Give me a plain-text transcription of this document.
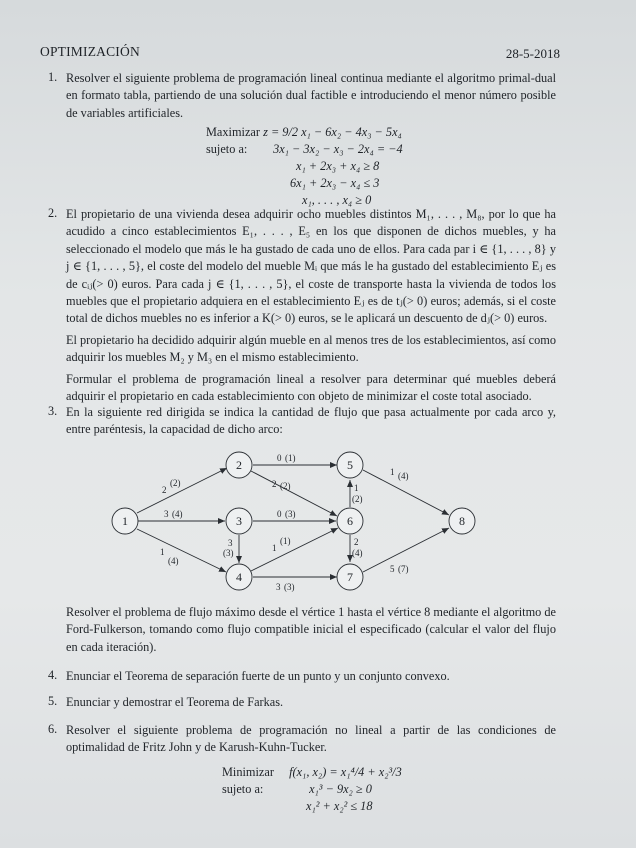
OPTIMIZACIÓN	28-5-2018
1. Resolver el siguiente problema de programación lineal continua mediante el algoritmo primal-dual en formato tabla, partiendo de una solución dual factible e introduciendo el menor número posible de variables artificiales.
Maximizar z = 9/2 x₁ − 6x₂ − 4x₃ − 5x₄
sujeto a: 3x₁ − 3x₂ − x₃ − 2x₄ = −4
x₁ + 2x₃ + x₄ ≥ 8
6x₁ + 2x₃ − x₄ ≤ 3
x₁, . . . , x₄ ≥ 0
2. El propietario de una vivienda desea adquirir ocho muebles distintos M₁, . . . , M₈, por lo que ha acudido a cinco establecimientos E₁, . . . , E₅ en los que disponen de dichos muebles, y ha seleccionado el modelo que más le ha gustado de cada uno de ellos. Para cada par i ∈ {1, . . . , 8} y j ∈ {1, . . . , 5}, el coste del modelo del mueble Mᵢ que más le ha gustado del establecimiento Eⱼ es de cᵢⱼ(> 0) euros. Para cada j ∈ {1, . . . , 5}, el coste de transporte hasta la vivienda de todos los muebles que el propietario adquiera en el establecimiento Eⱼ es de tⱼ(> 0) euros; además, si el coste total de dichos muebles no es inferior a K(> 0) euros, se le aplicará un descuento de dⱼ(> 0) euros.

El propietario ha decidido adquirir algún mueble en al menos tres de los establecimientos, así como adquirir los muebles M₂ y M₃ en el mismo establecimiento.

Formular el problema de programación lineal a resolver para determinar qué muebles deberá adquirir el propietario en cada establecimiento con objeto de minimizar el coste total asociado.

3. En la siguiente red dirigida se indica la cantidad de flujo que pasa actualmente por cada arco y, entre paréntesis, la capacidad de dicho arco:
1
2
3
4
5
6
7
8
2
(2)
3 (4)
1
(4)
0 (1)
2 (2)
0 (3)
3
(3)	1
(1)
3 (3)
1
(2)
2
(4)
1 (4)
5 (7)
Resolver el problema de flujo máximo desde el vértice 1 hasta el vértice 8 mediante el algoritmo de Ford-Fulkerson, tomando como flujo compatible inicial el especificado (calcular el valor del flujo en cada iteración).
4. Enunciar el Teorema de separación fuerte de un punto y un conjunto convexo.
5. Enunciar y demostrar el Teorema de Farkas.
6. Resolver el siguiente problema de programación no lineal a partir de las condiciones de optimalidad de Fritz John y de Karush-Kuhn-Tucker.
Minimizar f(x₁, x₂) = x₁⁴/4 + x₂³/3
sujeto a:	x₁³ − 9x₂ ≥ 0
x₁² + x₂² ≤ 18
